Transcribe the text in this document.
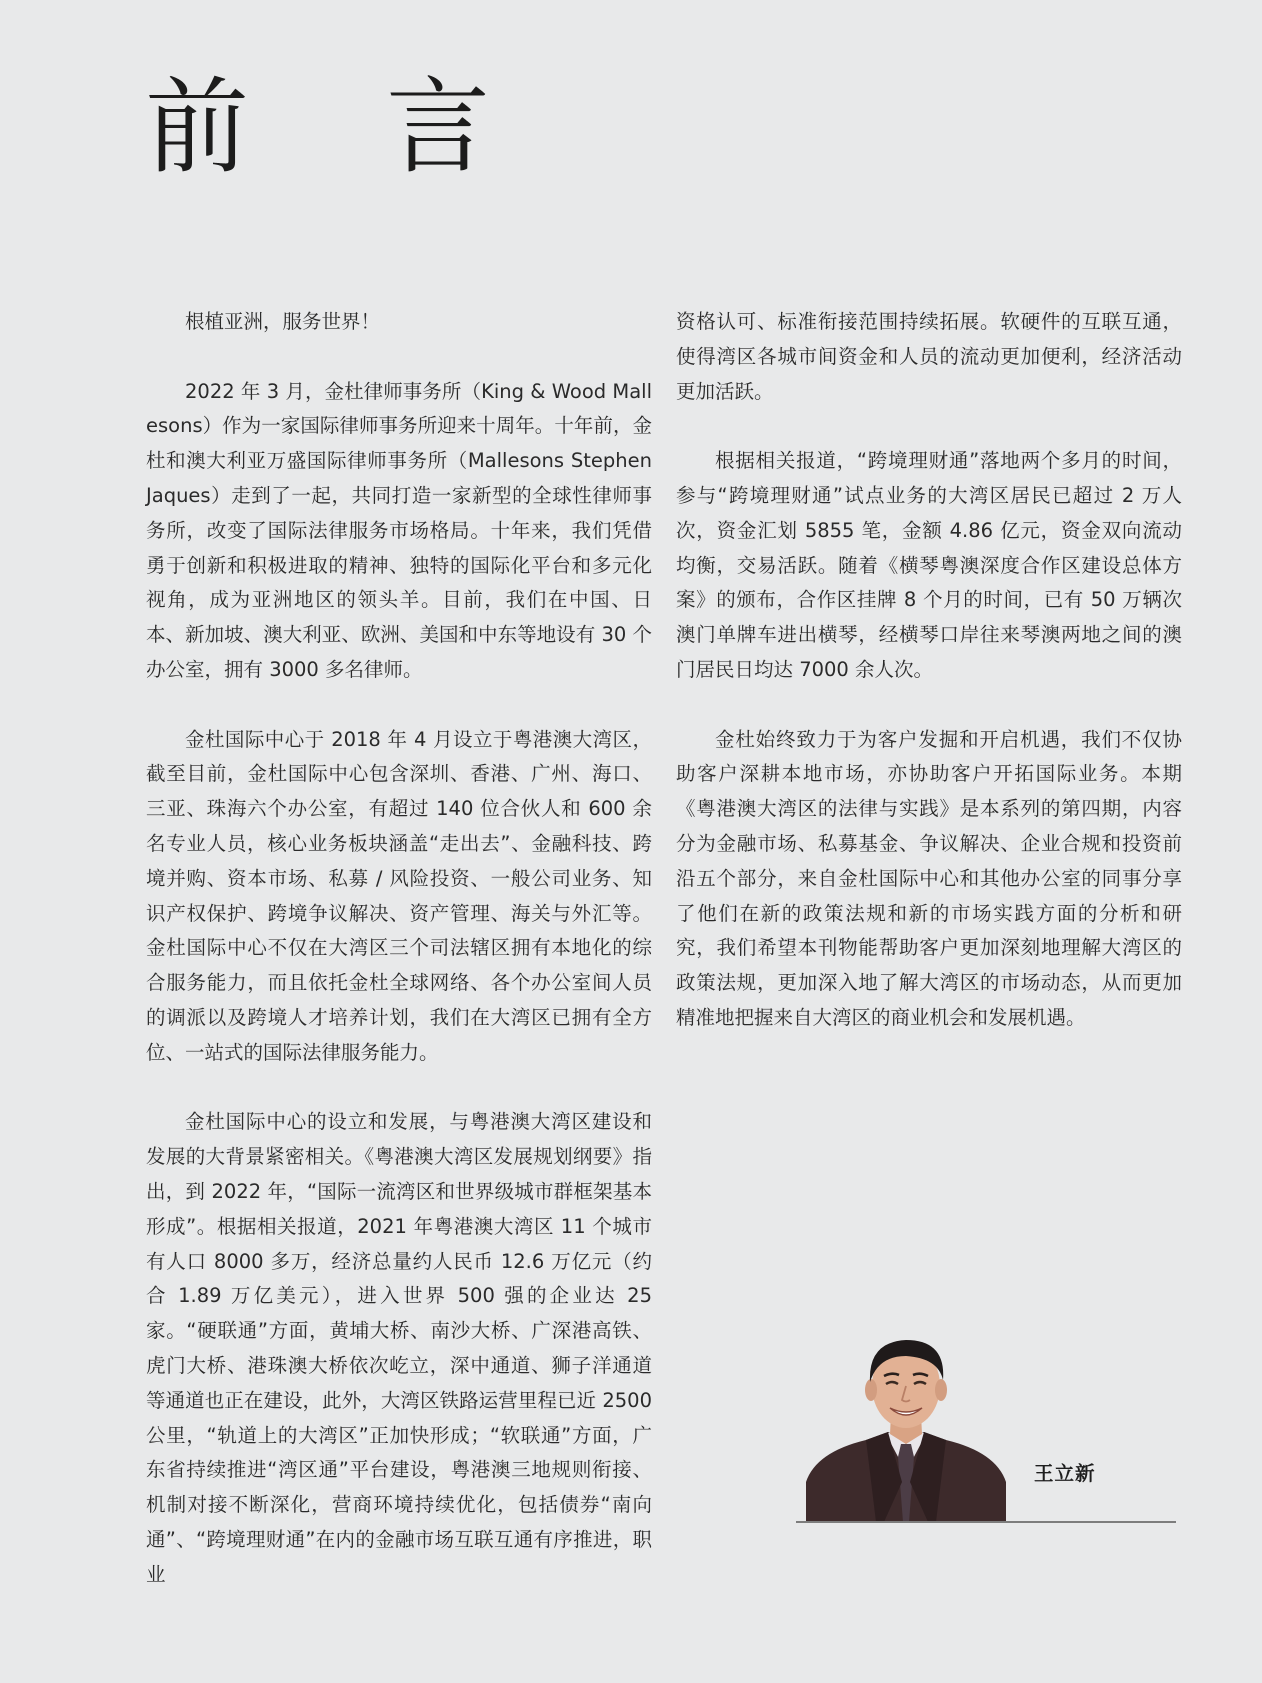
前 言

根植亚洲，服务世界！

2022 年 3 月，金杜律师事务所（King & Wood Mallesons）作为一家国际律师事务所迎来十周年。十年前，金杜和澳大利亚万盛国际律师事务所（Mallesons Stephen Jaques）走到了一起，共同打造一家新型的全球性律师事务所，改变了国际法律服务市场格局。十年来，我们凭借勇于创新和积极进取的精神、独特的国际化平台和多元化视角，成为亚洲地区的领头羊。目前，我们在中国、日本、新加坡、澳大利亚、欧洲、美国和中东等地设有 30 个办公室，拥有 3000 多名律师。

金杜国际中心于 2018 年 4 月设立于粤港澳大湾区，截至目前，金杜国际中心包含深圳、香港、广州、海口、三亚、珠海六个办公室，有超过 140 位合伙人和 600 余名专业人员，核心业务板块涵盖“走出去”、金融科技、跨境并购、资本市场、私募 / 风险投资、一般公司业务、知识产权保护、跨境争议解决、资产管理、海关与外汇等。金杜国际中心不仅在大湾区三个司法辖区拥有本地化的综合服务能力，而且依托金杜全球网络、各个办公室间人员的调派以及跨境人才培养计划，我们在大湾区已拥有全方位、一站式的国际法律服务能力。

金杜国际中心的设立和发展，与粤港澳大湾区建设和发展的大背景紧密相关。《粤港澳大湾区发展规划纲要》指出，到 2022 年，“国际一流湾区和世界级城市群框架基本形成”。根据相关报道，2021 年粤港澳大湾区 11 个城市有人口 8000 多万，经济总量约人民币 12.6 万亿元（约合 1.89 万亿美元），进入世界 500 强的企业达 25 家。“硬联通”方面，黄埔大桥、南沙大桥、广深港高铁、虎门大桥、港珠澳大桥依次屹立，深中通道、狮子洋通道等通道也正在建设，此外，大湾区铁路运营里程已近 2500 公里，“轨道上的大湾区”正加快形成；“软联通”方面，广东省持续推进“湾区通”平台建设，粤港澳三地规则衔接、机制对接不断深化，营商环境持续优化，包括债券“南向通”、“跨境理财通”在内的金融市场互联互通有序推进，职业

资格认可、标准衔接范围持续拓展。软硬件的互联互通，使得湾区各城市间资金和人员的流动更加便利，经济活动更加活跃。

根据相关报道，“跨境理财通”落地两个多月的时间，参与“跨境理财通”试点业务的大湾区居民已超过 2 万人次，资金汇划 5855 笔，金额 4.86 亿元，资金双向流动均衡，交易活跃。随着《横琴粤澳深度合作区建设总体方案》的颁布，合作区挂牌 8 个月的时间，已有 50 万辆次澳门单牌车进出横琴，经横琴口岸往来琴澳两地之间的澳门居民日均达 7000 余人次。

金杜始终致力于为客户发掘和开启机遇，我们不仅协助客户深耕本地市场，亦协助客户开拓国际业务。本期《粤港澳大湾区的法律与实践》是本系列的第四期，内容分为金融市场、私募基金、争议解决、企业合规和投资前沿五个部分，来自金杜国际中心和其他办公室的同事分享了他们在新的政策法规和新的市场实践方面的分析和研究，我们希望本刊物能帮助客户更加深刻地理解大湾区的政策法规，更加深入地了解大湾区的市场动态，从而更加精准地把握来自大湾区的商业机会和发展机遇。

王立新
